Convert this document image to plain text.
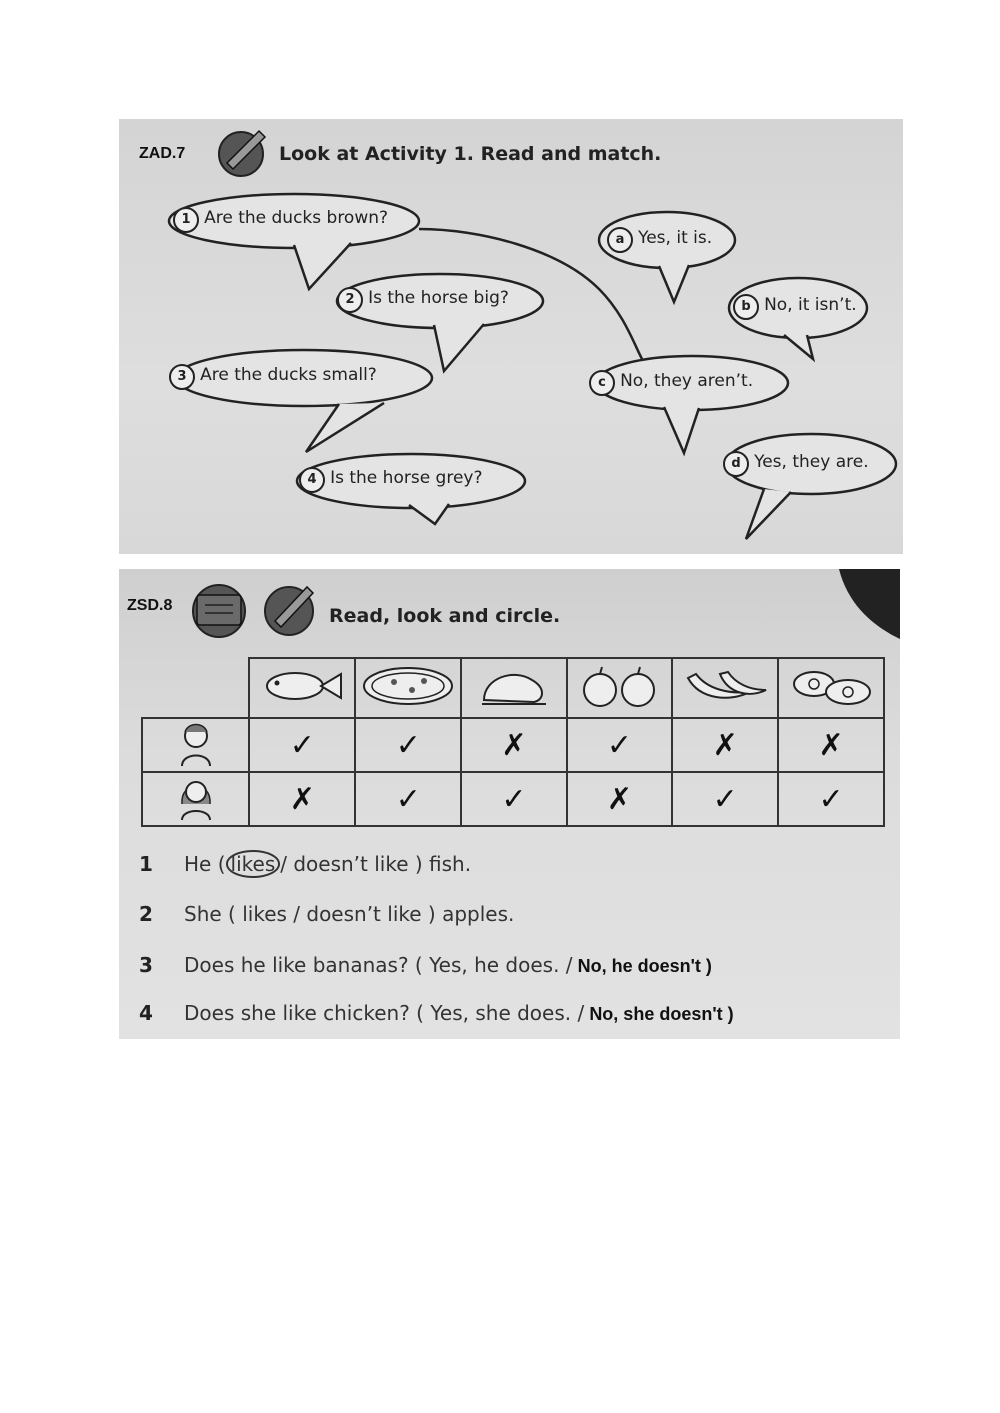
ZAD.7	Look at Activity 1. Read and match.
1 Are the ducks brown?
2 Is the horse big?
3 Are the ducks small?
4 Is the horse grey?
a Yes, it is.
b No, it isn’t.
c No, they aren’t.
d Yes, they are.
ZSD.8	Read, look and circle.

	✓	✓	✗	✓	✗	✗
	✗	✓	✓	✗	✓	✓
1 He ( likes / doesn’t like ) fish.
2 She ( likes / doesn’t like ) apples.
3 Does he like bananas? ( Yes, he does. / No, he doesn't )
4 Does she like chicken? ( Yes, she does. / No, she doesn't )
